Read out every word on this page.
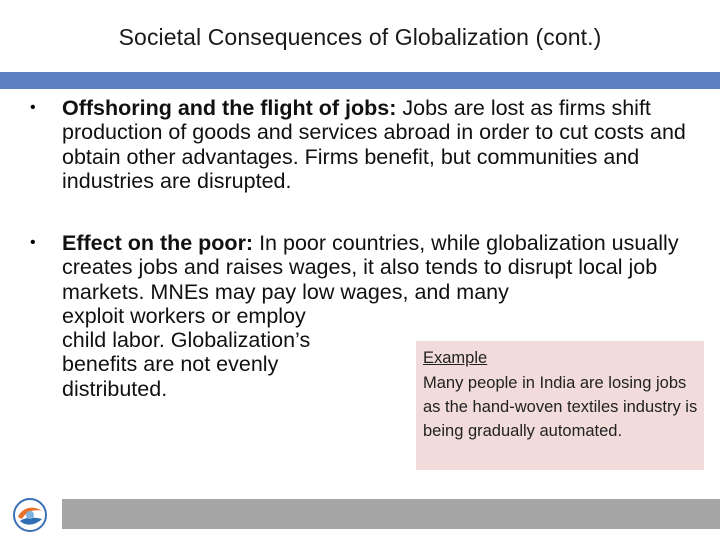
Societal Consequences of Globalization (cont.)
• Offshoring and the flight of jobs: Jobs are lost as firms shift production of goods and services abroad in order to cut costs and obtain other advantages. Firms benefit, but communities and industries are disrupted.
• Effect on the poor: In poor countries, while globalization usually creates jobs and raises wages, it also tends to disrupt local job markets. MNEs may pay low wages, and many
exploit workers or employ
child labor. Globalization’s
benefits are not evenly
distributed.
Example
Many people in India are losing jobs as the hand-woven textiles industry is being gradually automated.
